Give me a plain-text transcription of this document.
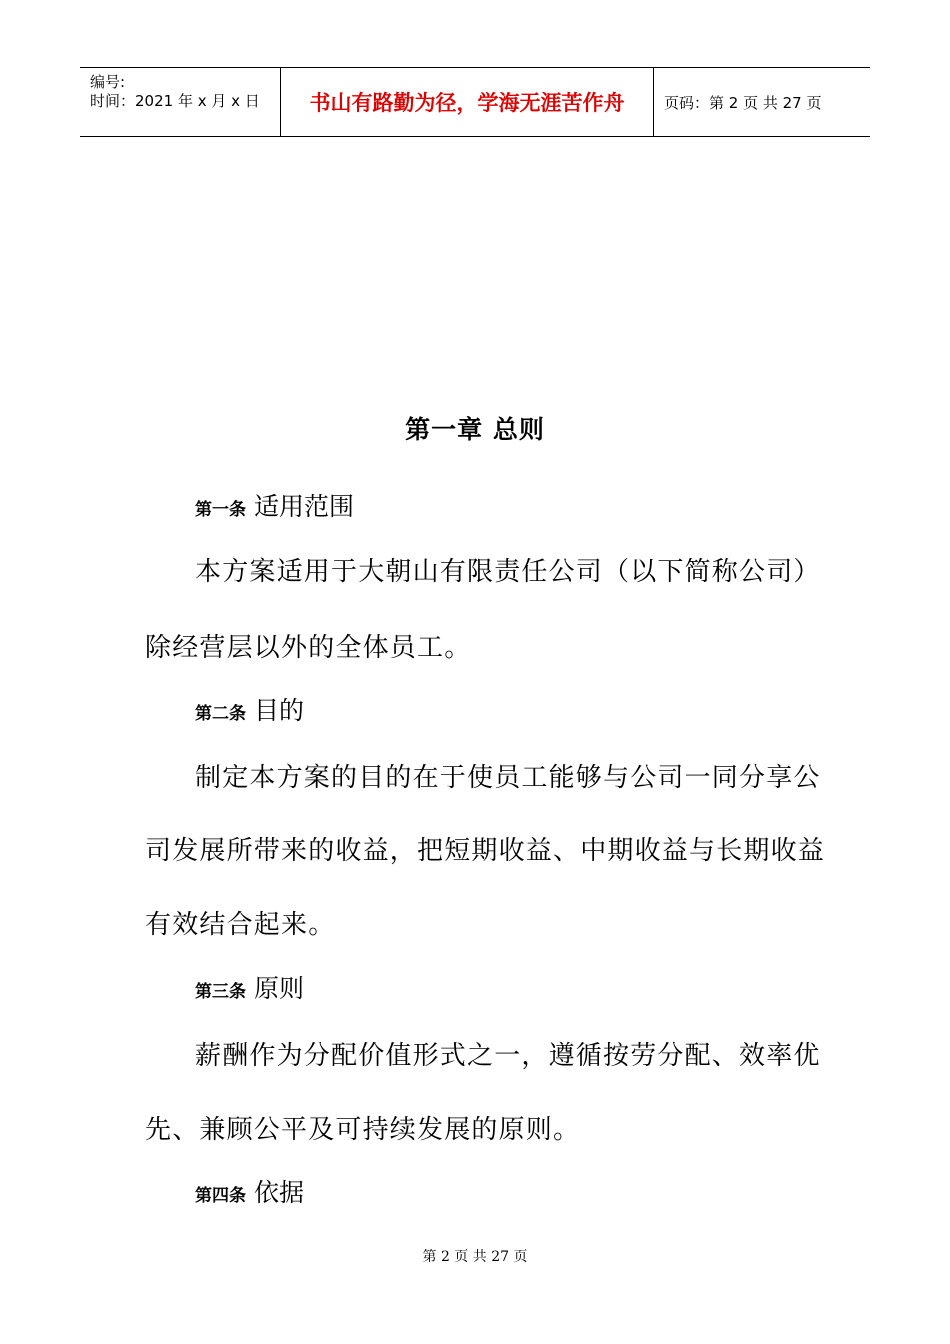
编号:
时间：2021 年 x 月 x 日 书山有路勤为径，学海无涯苦作舟	页码：第 2 页 共 27 页
第一章 总则
第一条 适用范围
本方案适用于大朝山有限责任公司（以下简称公司）
除经营层以外的全体员工。
第二条 目的
制定本方案的目的在于使员工能够与公司一同分享公
司发展所带来的收益，把短期收益、中期收益与长期收益
有效结合起来。
第三条 原则
薪酬作为分配价值形式之一，遵循按劳分配、效率优
先、兼顾公平及可持续发展的原则。
第四条 依据
第 2 页 共 27 页
